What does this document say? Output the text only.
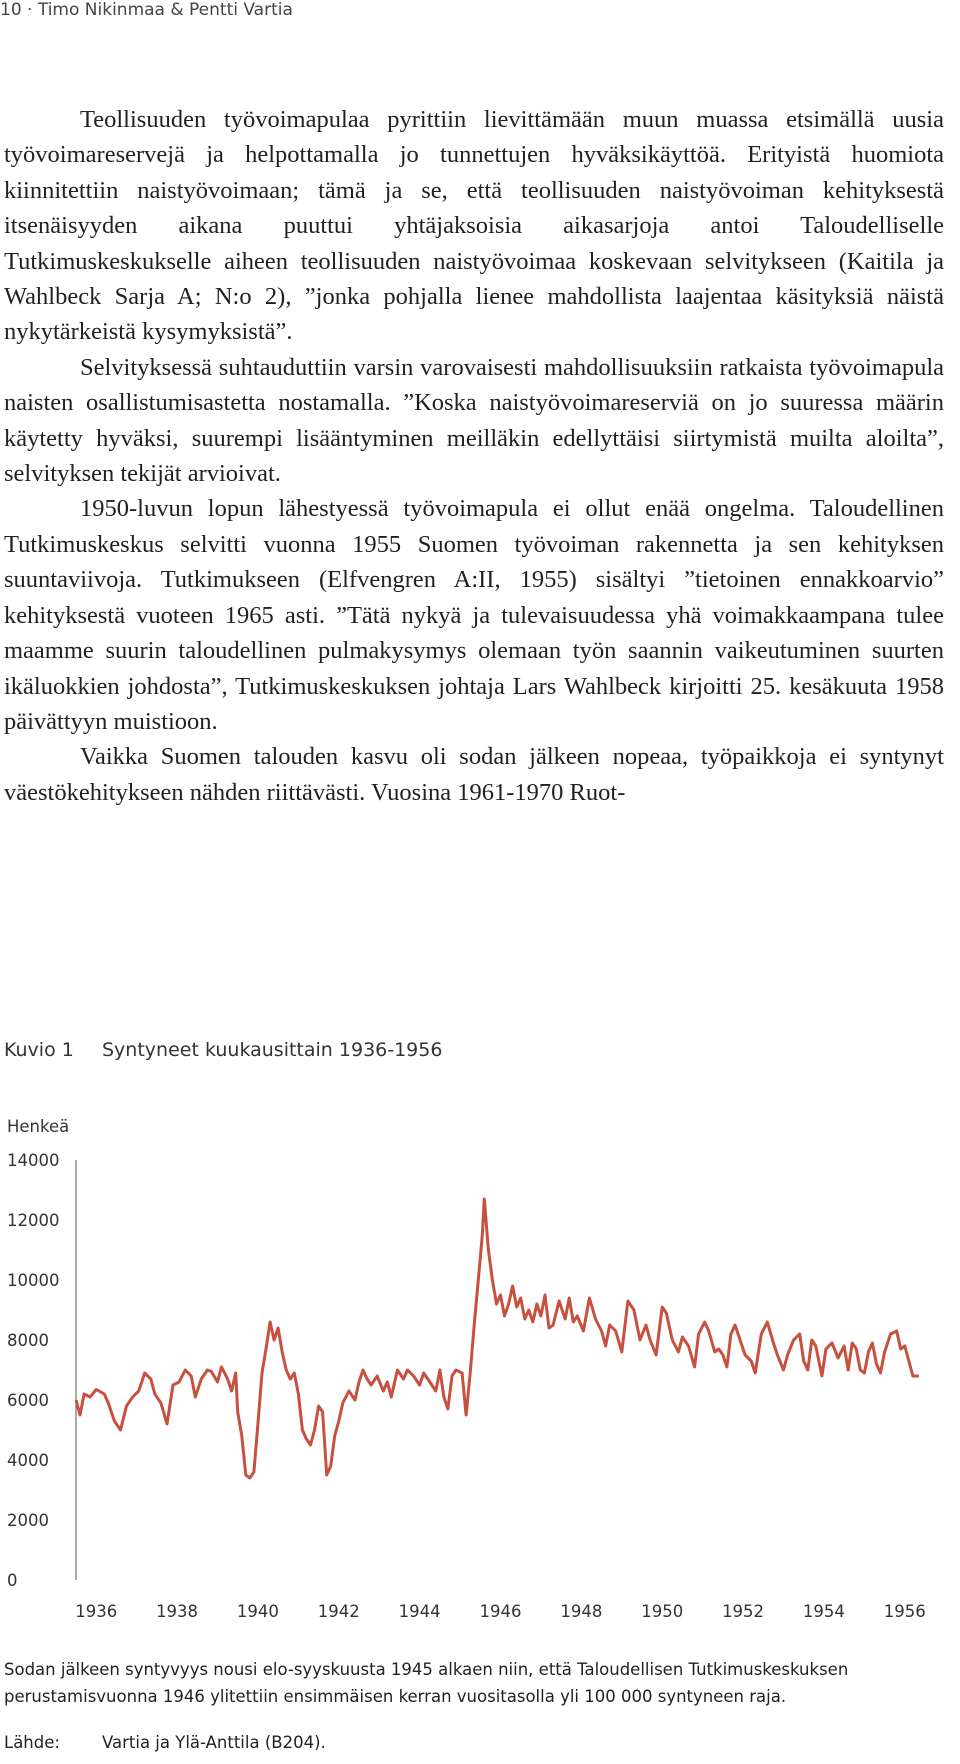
10 · Timo Nikinmaa & Pentti Vartia

Teollisuuden työvoimapulaa pyrittiin lievittämään muun muassa etsimällä uusia työvoimareservejä ja helpottamalla jo tunnettujen hyväksikäyttöä. Erityistä huomiota kiinnitettiin naistyövoimaan; tämä ja se, että teollisuuden naistyövoiman kehityksestä itsenäisyyden aikana puuttui yhtäjaksoisia aikasarjoja antoi Taloudelliselle Tutkimuskeskukselle aiheen teollisuuden naistyövoimaa koskevaan selvitykseen (Kaitila ja Wahlbeck Sarja A; N:o 2), ”jonka pohjalla lienee mahdollista laajentaa käsityksiä näistä nykytärkeistä kysymyksistä”.

Selvityksessä suhtauduttiin varsin varovaisesti mahdollisuuksiin ratkaista työvoimapula naisten osallistumisastetta nostamalla. ”Koska naistyövoimareserviä on jo suuressa määrin käytetty hyväksi, suurempi lisääntyminen meilläkin edellyttäisi siirtymistä muilta aloilta”, selvityksen tekijät arvioivat.

1950-luvun lopun lähestyessä työvoimapula ei ollut enää ongelma. Taloudellinen Tutkimuskeskus selvitti vuonna 1955 Suomen työvoiman rakennetta ja sen kehityksen suuntaviivoja. Tutkimukseen (Elfvengren A:II, 1955) sisältyi ”tietoinen ennakkoarvio” kehityksestä vuoteen 1965 asti. ”Tätä nykyä ja tulevaisuudessa yhä voimakkaampana tulee maamme suurin taloudellinen pulmakysymys olemaan työn saannin vaikeutuminen suurten ikäluokkien johdosta”, Tutkimuskeskuksen johtaja Lars Wahlbeck kirjoitti 25. kesäkuuta 1958 päivättyyn muistioon.

Vaikka Suomen talouden kasvu oli sodan jälkeen nopeaa, työpaikkoja ei syntynyt väestökehitykseen nähden riittävästi. Vuosina 1961-1970 Ruot-

Kuvio 1 Syntyneet kuukausittain 1936-1956
Henkeä
0
2000
4000
6000
8000
10000
12000
14000
1936 1938 1940 1942 1944 1946 1948 1950 1952 1954 1956
Sodan jälkeen syntyvyys nousi elo-syyskuusta 1945 alkaen niin, että Taloudellisen Tutkimuskeskuksen perustamisvuonna 1946 ylitettiin ensimmäisen kerran vuositasolla yli 100 000 syntyneen raja.
Lähde:	Vartia ja Ylä-Anttila (B204).
